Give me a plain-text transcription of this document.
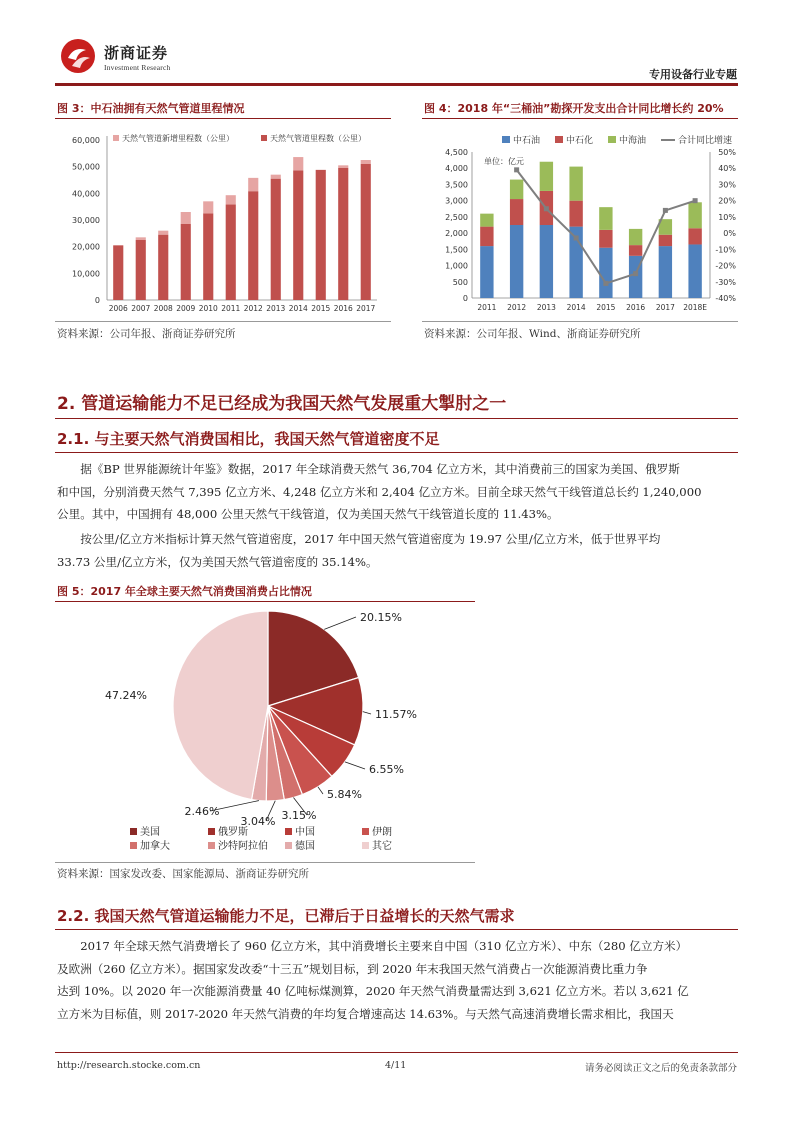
浙商证券
Investment Research
专用设备行业专题
图 3：中石油拥有天然气管道里程情况
天然气管道新增里程数（公里）	天然气管道里程数（公里）
0
10,000
20,000
30,000
40,000
50,000
60,000
2006 2007 2008 2009 2010 2011 2012 2013 2014 2015 2016 2017
资料来源：公司年报、浙商证券研究所
图 4：2018 年“三桶油”勘探开发支出合计同比增长约 20%
中石油	中石化	中海油	合计同比增速
单位：亿元
0
500
1,000
1,500
2,000
2,500
3,000
3,500
4,000
4,500
-40%
-30%
-20%
-10%
0%
10%
20%
30%
40%
50%
2011 2012 2013 2014 2015 2016 2017 2018E
资料来源：公司年报、Wind、浙商证券研究所
2. 管道运输能力不足已经成为我国天然气发展重大掣肘之一
2.1. 与主要天然气消费国相比，我国天然气管道密度不足
据《BP 世界能源统计年鉴》数据，2017 年全球消费天然气 36,704 亿立方米，其中消费前三的国家为美国、俄罗斯
和中国，分别消费天然气 7,395 亿立方米、4,248 亿立方米和 2,404 亿立方米。目前全球天然气干线管道总长约 1,240,000
公里。其中，中国拥有 48,000 公里天然气干线管道，仅为美国天然气干线管道长度的 11.43%。
按公里/亿立方米指标计算天然气管道密度，2017 年中国天然气管道密度为 19.97 公里/亿立方米，低于世界平均
33.73 公里/亿立方米，仅为美国天然气管道密度的 35.14%。
图 5：2017 年全球主要天然气消费国消费占比情况
20.15%
11.57%
6.55%
5.84%
3.15%
3.04%
2.46%
47.24%
美国	俄罗斯	中国	伊朗
加拿大	沙特阿拉伯	德国	其它
资料来源：国家发改委、国家能源局、浙商证券研究所
2.2. 我国天然气管道运输能力不足，已滞后于日益增长的天然气需求
2017 年全球天然气消费增长了 960 亿立方米，其中消费增长主要来自中国（310 亿立方米）、中东（280 亿立方米）
及欧洲（260 亿立方米）。据国家发改委“十三五”规划目标，到 2020 年末我国天然气消费占一次能源消费比重力争
达到 10%。以 2020 年一次能源消费量 40 亿吨标煤测算，2020 年天然气消费量需达到 3,621 亿立方米。若以 3,621 亿
立方米为目标值，则 2017-2020 年天然气消费的年均复合增速高达 14.63%。与天然气高速消费增长需求相比，我国天
http://research.stocke.com.cn	4/11	请务必阅读正文之后的免责条款部分
